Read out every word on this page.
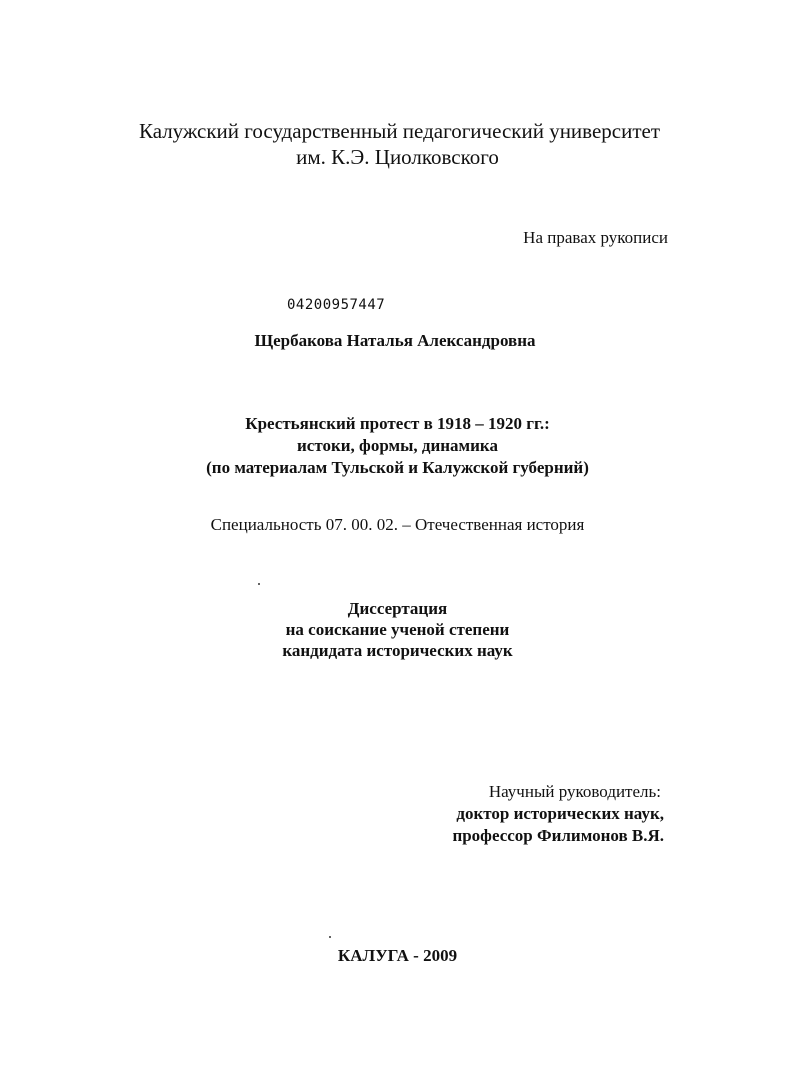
Калужский государственный педагогический университет
им. К.Э. Циолковского
На правах рукописи
04200957447
Щербакова Наталья Александровна
Крестьянский протест в 1918 – 1920 гг.:
истоки, формы, динамика
(по материалам Тульской и Калужской губерний)
Специальность 07. 00. 02. – Отечественная история
Диссертация
на соискание ученой степени
кандидата исторических наук
Научный руководитель:
доктор исторических наук,
профессор Филимонов В.Я.
КАЛУГА - 2009
